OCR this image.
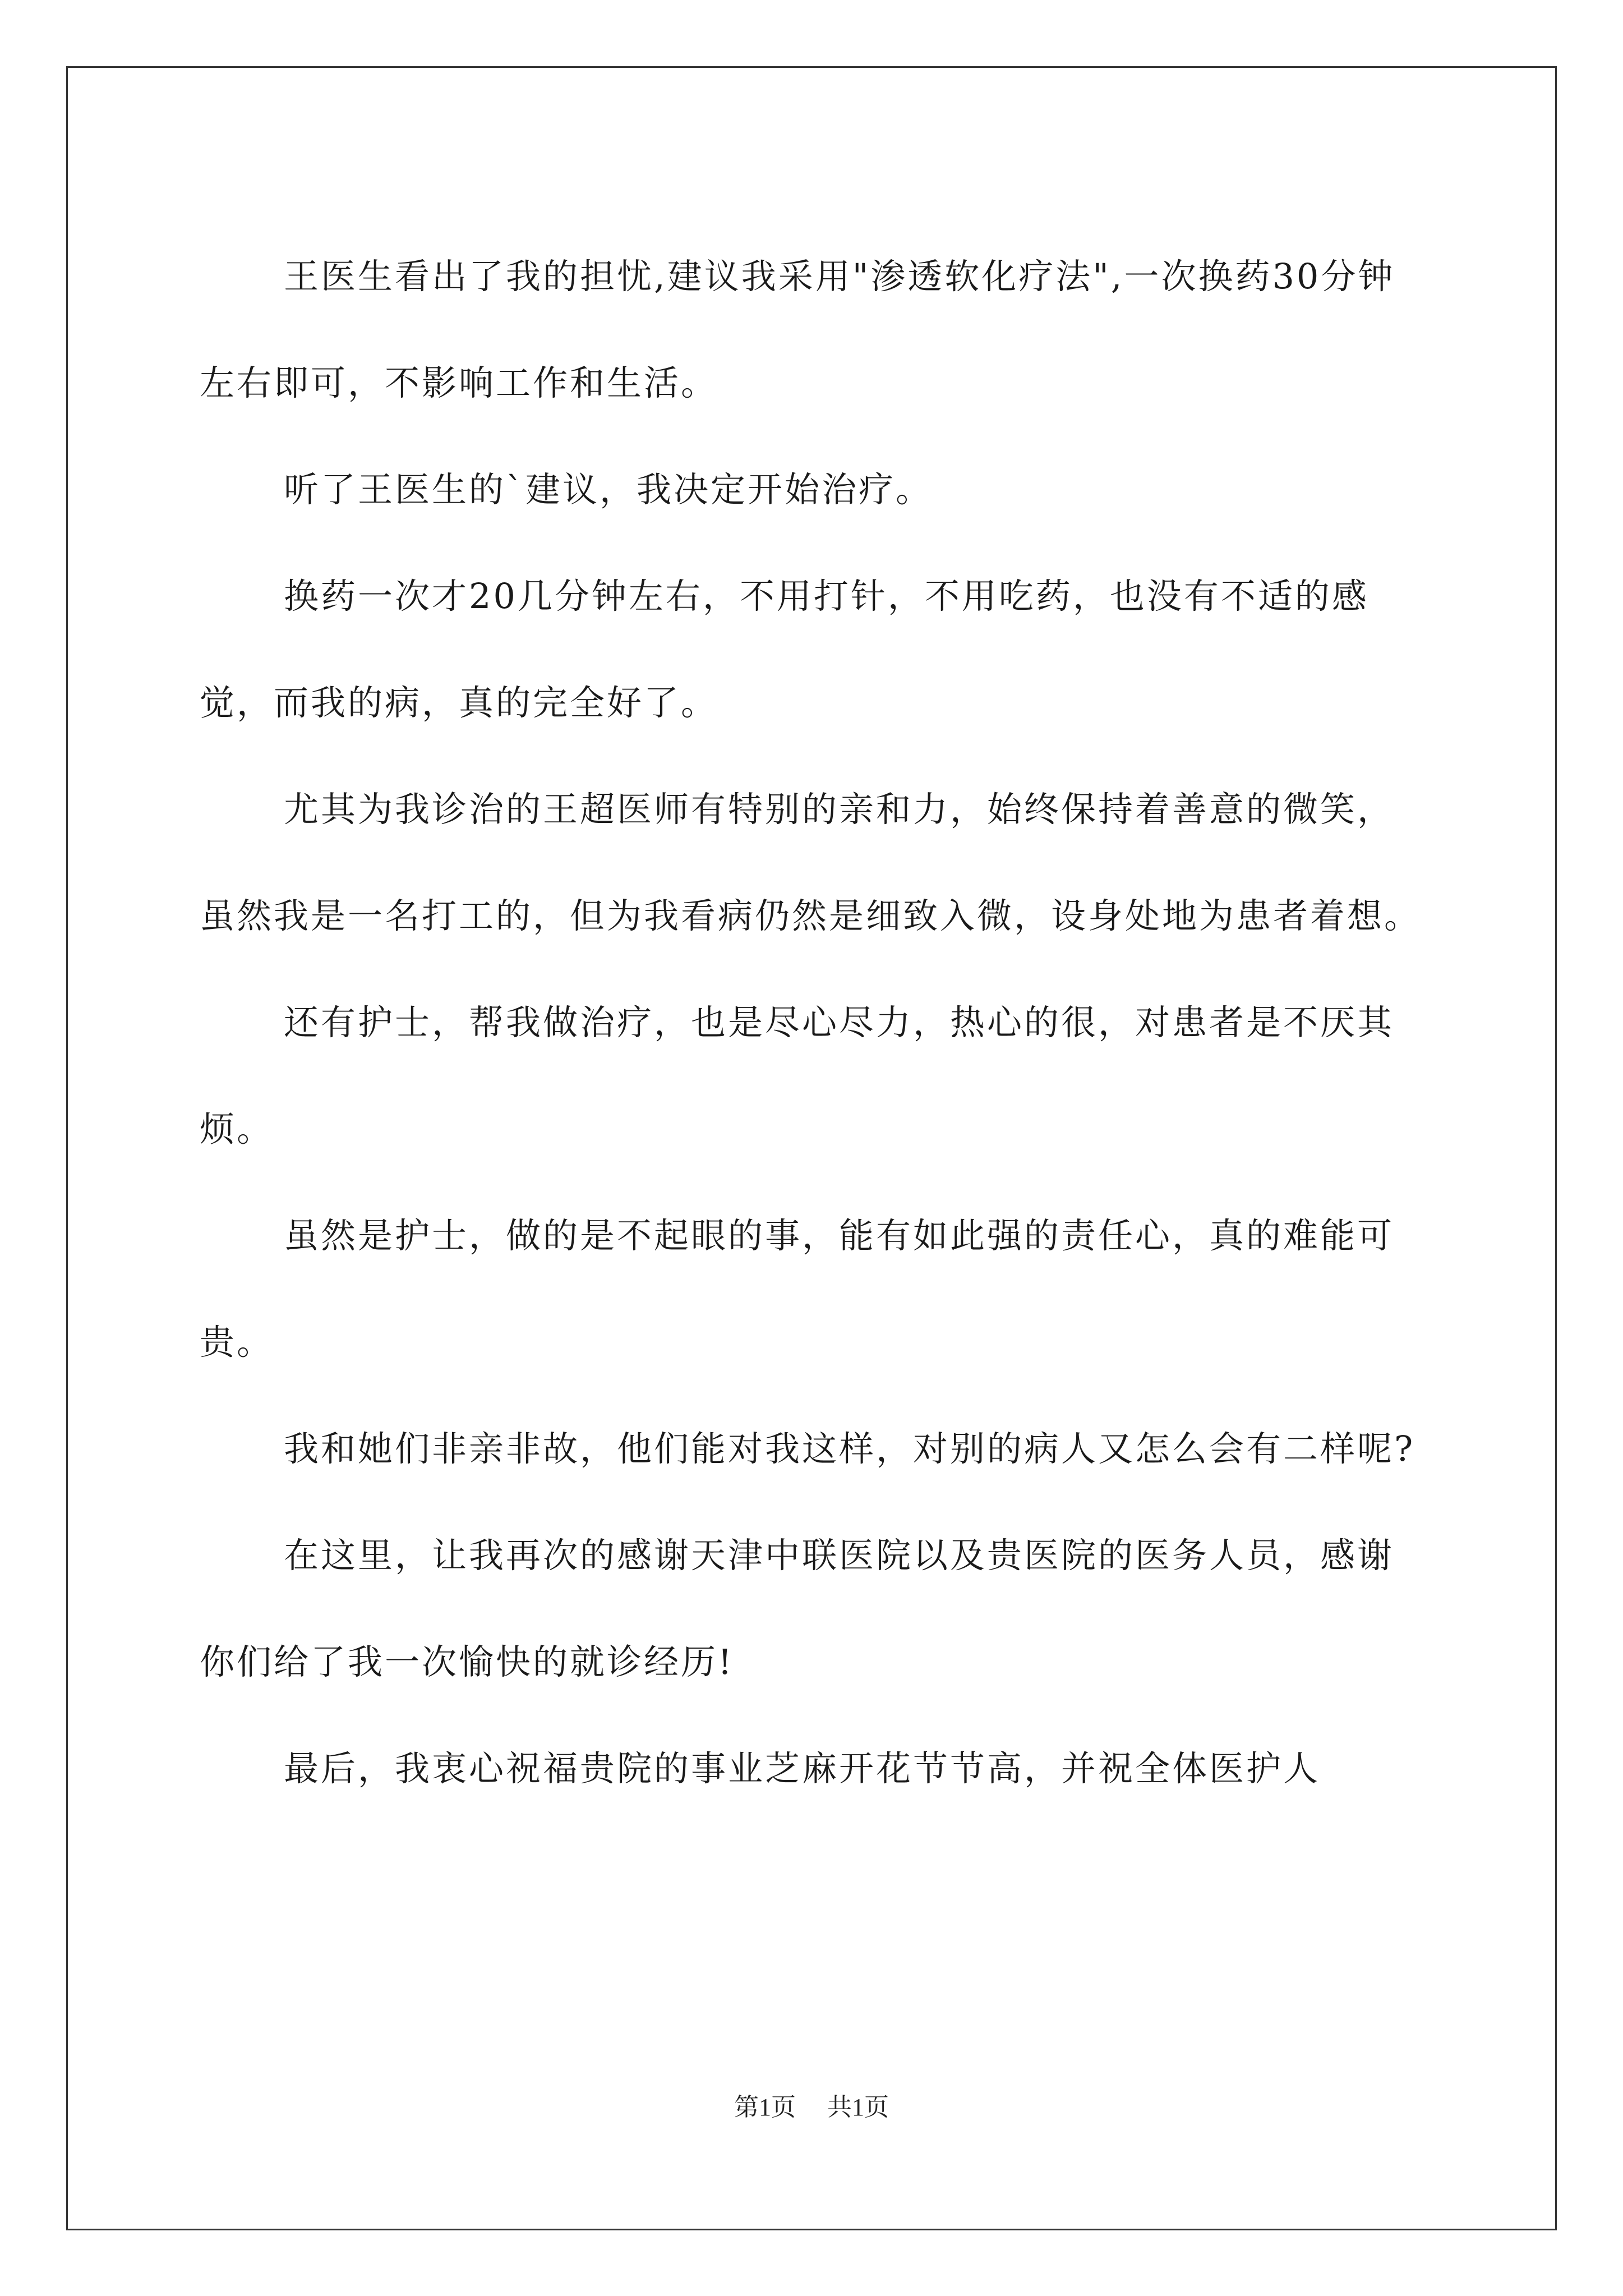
王医生看出了我的担忧,建议我采用"渗透软化疗法",一次换药30分钟左右即可，不影响工作和生活。

听了王医生的`建议，我决定开始治疗。

换药一次才20几分钟左右，不用打针，不用吃药，也没有不适的感觉，而我的病，真的完全好了。

尤其为我诊治的王超医师有特别的亲和力，始终保持着善意的微笑，虽然我是一名打工的，但为我看病仍然是细致入微，设身处地为患者着想。

还有护士，帮我做治疗，也是尽心尽力，热心的很，对患者是不厌其烦。

虽然是护士，做的是不起眼的事，能有如此强的责任心，真的难能可贵。

我和她们非亲非故，他们能对我这样，对别的病人又怎么会有二样呢?

在这里，让我再次的感谢天津中联医院以及贵医院的医务人员，感谢你们给了我一次愉快的就诊经历!

最后，我衷心祝福贵院的事业芝麻开花节节高，并祝全体医护人

第1页 共1页
